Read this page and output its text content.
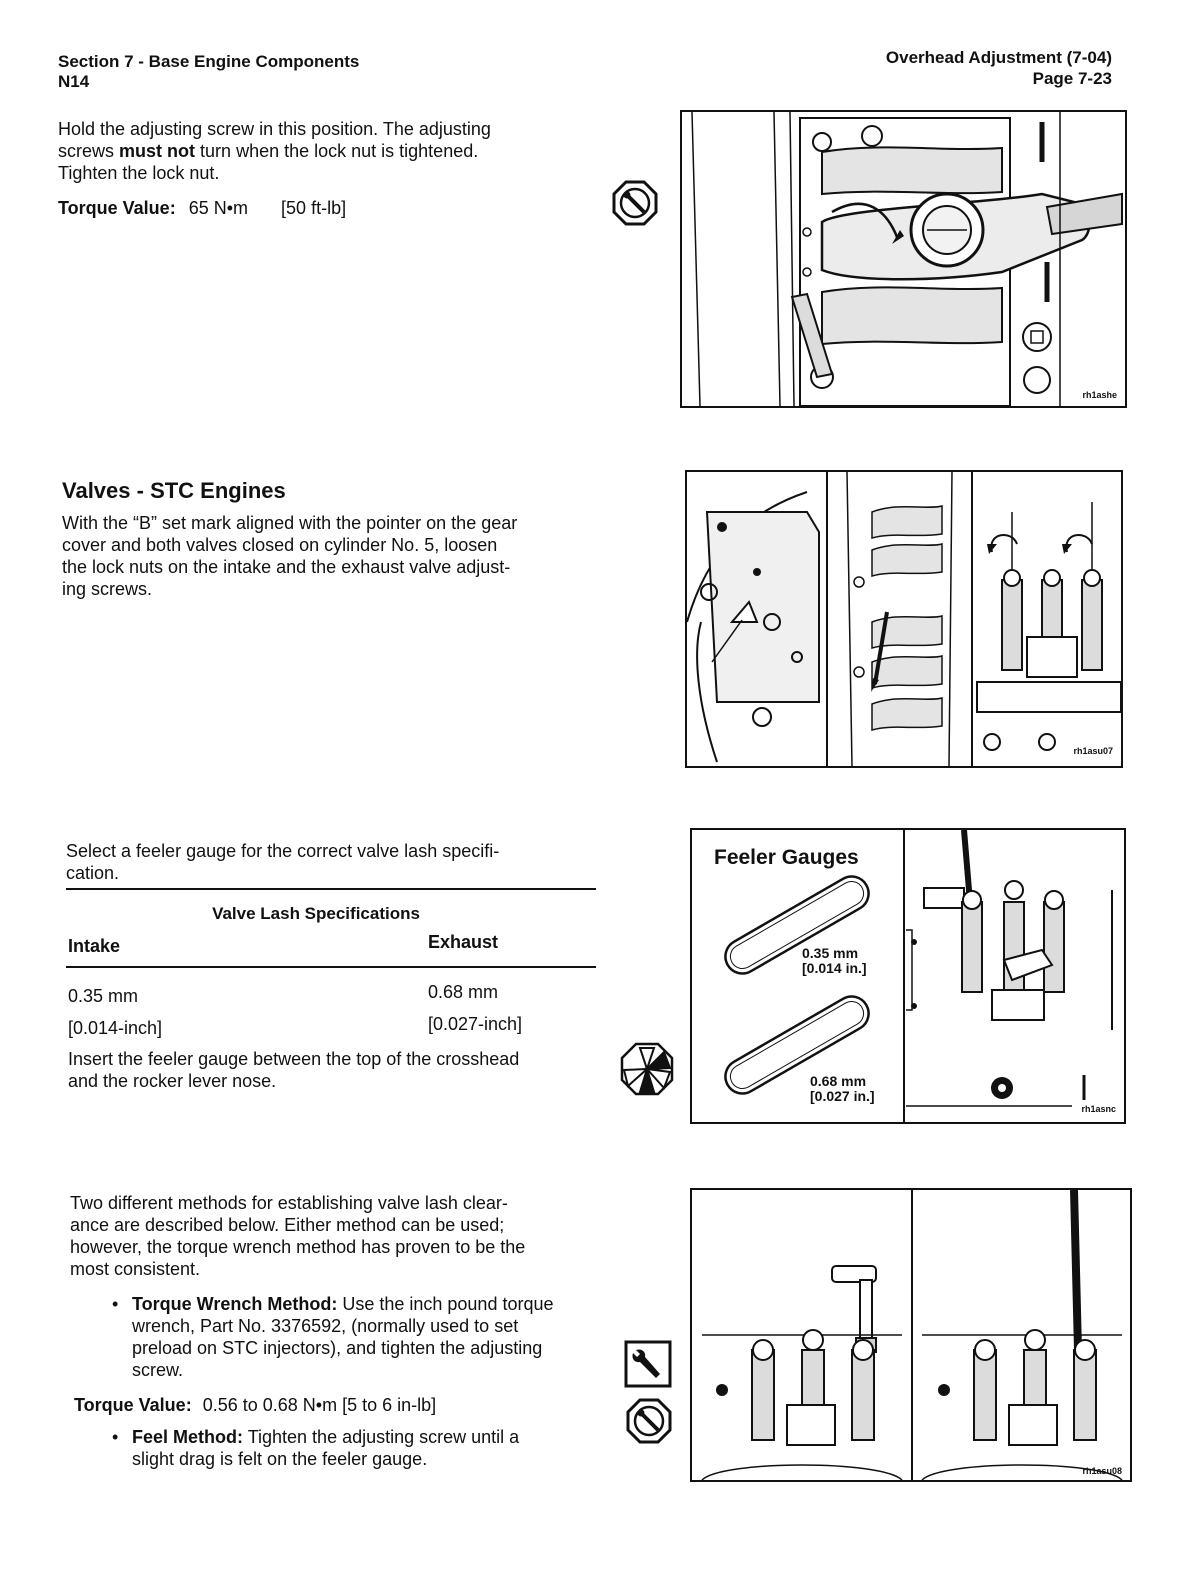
Section 7 - Base Engine Components
N14
Overhead Adjustment (7-04)
Page 7-23
Hold the adjusting screw in this position. The adjusting
screws must not turn when the lock nut is tightened.
Tighten the lock nut.
Torque Value: 65 N•m [50 ft-lb]
rh1ashe
Valves - STC Engines
With the “B” set mark aligned with the pointer on the gear
cover and both valves closed on cylinder No. 5, loosen
the lock nuts on the intake and the exhaust valve adjust-
ing screws.
rh1asu07
Select a feeler gauge for the correct valve lash specifi-
cation.
Valve Lash Specifications
Intake	Exhaust
0.35 mm	0.68 mm
[0.014-inch]	[0.027-inch]
Insert the feeler gauge between the top of the crosshead
and the rocker lever nose.
Feeler Gauges
0.35 mm
[0.014 in.]
0.68 mm
[0.027 in.]
rh1asnc
Two different methods for establishing valve lash clear-
ance are described below. Either method can be used;
however, the torque wrench method has proven to be the
most consistent.
• Torque Wrench Method: Use the inch pound torque
wrench, Part No. 3376592, (normally used to set
preload on STC injectors), and tighten the adjusting
screw.
Torque Value: 0.56 to 0.68 N•m [5 to 6 in-lb]
• Feel Method: Tighten the adjusting screw until a
slight drag is felt on the feeler gauge.
rh1asu08
